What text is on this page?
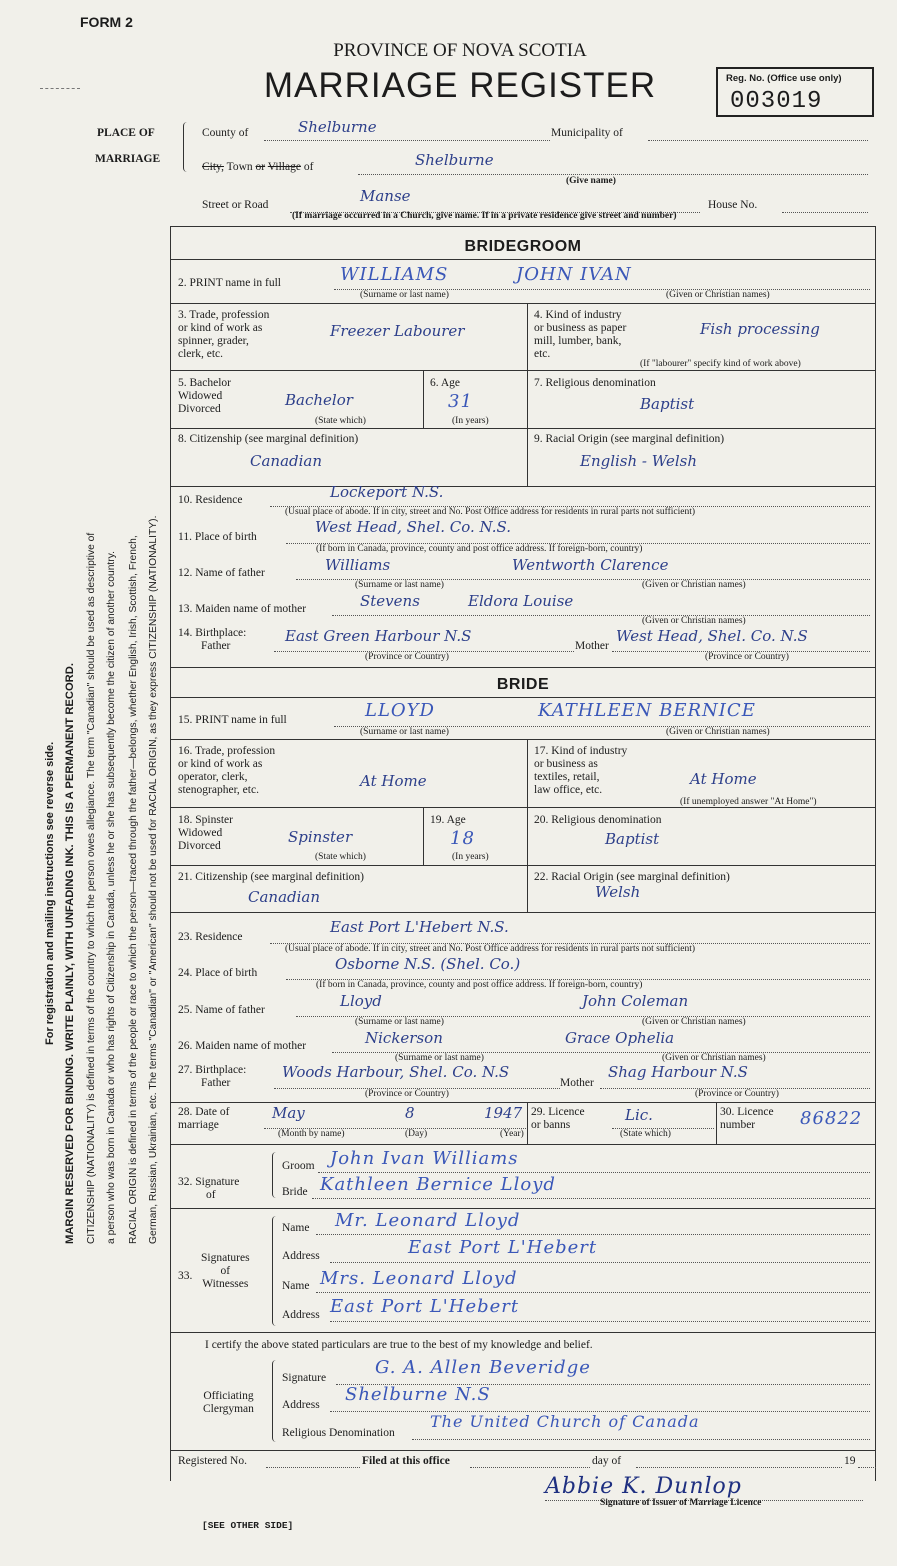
FORM 2
PROVINCE OF NOVA SCOTIA
MARRIAGE REGISTER	Reg. No. (Office use only)
003019
PLACE OF
MARRIAGE
County of	Shelburne	Municipality of
City, Town or Village of	Shelburne
(Give name)
Street or Road	Manse	House No.
(If marriage occurred in a Church, give name. If in a private residence give street and number)
For registration and mailing instructions see reverse side. MARGIN RESERVED FOR BINDING. WRITE PLAINLY, WITH UNFADING INK. THIS IS A PERMANENT RECORD. CITIZENSHIP (NATIONALITY) is defined in terms of the country to which the person owes allegiance. The term "Canadian" should be used as descriptive of a person who was born in Canada or who has rights of Citizenship in Canada, unless he or she has subsequently become the citizen of another country. RACIAL ORIGIN is defined in terms of the people or race to which the person—traced through the father—belongs, whether English, Irish, Scottish, French, German, Russian, Ukrainian, etc. The terms "Canadian" or "American" should not be used for RACIAL ORIGIN, as they express CITIZENSHIP (NATIONALITY).
BRIDEGROOM
2. PRINT name in full	WILLIAMS	JOHN IVAN
(Surname or last name)	(Given or Christian names)
3. Trade, profession
or kind of work as
spinner, grader,
clerk, etc.
Freezer Labourer
4. Kind of industry
or business as paper
mill, lumber, bank,
etc.
Fish processing
(If "labourer" specify kind of work above)
5. Bachelor
Widowed
Divorced	Bachelor
(State which)
6. Age
31
(In years)
7. Religious denomination
Baptist
8. Citizenship (see marginal definition)
Canadian
9. Racial Origin (see marginal definition)
English - Welsh
10. Residence	Lockeport N.S.
(Usual place of abode. If in city, street and No. Post Office address for residents in rural parts not sufficient)
11. Place of birth
West Head, Shel. Co. N.S.
(If born in Canada, province, county and post office address. If foreign-born, country)
12. Name of father	Williams	Wentworth Clarence
(Surname or last name)	(Given or Christian names)
13. Maiden name of mother	Stevens	Eldora Louise
(Given or Christian names)
14. Birthplace:
Father
East Green Harbour N.S
Mother
West Head, Shel. Co. N.S
(Province or Country)	(Province or Country)
BRIDE
15. PRINT name in full	LLOYD	KATHLEEN BERNICE
(Surname or last name)	(Given or Christian names)
16. Trade, profession
or kind of work as
operator, clerk,
stenographer, etc.	At Home
17. Kind of industry
or business as
textiles, retail,
law office, etc.
At Home
(If unemployed answer "At Home")
18. Spinster
Widowed
Divorced	Spinster
(State which)
19. Age
18
(In years)
20. Religious denomination
Baptist
21. Citizenship (see marginal definition)
Canadian
22. Racial Origin (see marginal definition)
Welsh
23. Residence
East Port L'Hebert N.S.
(Usual place of abode. If in city, street and No. Post Office address for residents in rural parts not sufficient)
24. Place of birth	Osborne N.S. (Shel. Co.)
(If born in Canada, province, county and post office address. If foreign-born, country)
25. Name of father	Lloyd	John Coleman
(Surname or last name)	(Given or Christian names)
26. Maiden name of mother	Nickerson	Grace Ophelia
(Surname or last name)	(Given or Christian names)
27. Birthplace:
Father
Woods Harbour, Shel. Co. N.S
Mother
Shag Harbour N.S
(Province or Country)	(Province or Country)
28. Date of
marriage
May	8	1947
(Month by name)	(Day)	(Year)
29. Licence
or banns
Lic.
(State which)
30. Licence
number	86822
32. Signature
of
Groom John Ivan Williams
Bride Kathleen Bernice Lloyd
33.
Signatures
of
Witnesses
Name Mr. Leonard Lloyd
Address	East Port L'Hebert
Name Mrs. Leonard Lloyd
Address East Port L'Hebert
I certify the above stated particulars are true to the best of my knowledge and belief.
Officiating
Clergyman
Signature	G. A. Allen Beveridge
Address Shelburne N.S
Religious Denomination
The United Church of Canada
Registered No.	Filed at this office	day of	19
Abbie K. Dunlop
Signature of Issuer of Marriage Licence
[SEE OTHER SIDE]
